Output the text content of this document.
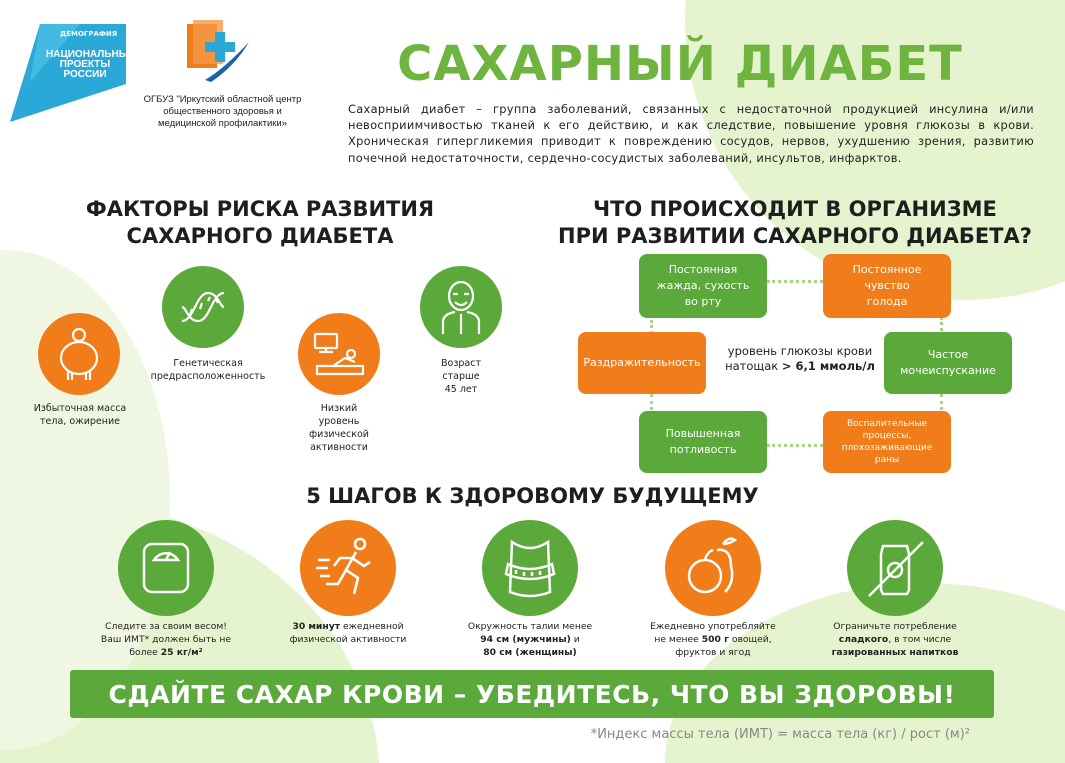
ДЕМОГРАФИЯ
НАЦИОНАЛЬНЫЕ
ПРОЕКТЫ
РОССИИ
ОГБУЗ "Иркутский областной центр
общественного здоровья и
медицинской профилактики»
САХАРНЫЙ ДИАБЕТ
Сахарный диабет – группа заболеваний, связанных с недостаточной продукцией инсулина и/или невосприимчивостью тканей к его действию, и как следствие, повышение уровня глюкозы в крови. Хроническая гипергликемия приводит к повреждению сосудов, нервов, ухудшению зрения, развитию почечной недостаточности, сердечно-сосудистых заболеваний, инсультов, инфарктов.
ФАКТОРЫ РИСКА РАЗВИТИЯ
САХАРНОГО ДИАБЕТА
Избыточная масса
тела, ожирение
Генетическая
предрасположенность
Низкий
уровень
физической
активности
Возраст
старше
45 лет
ЧТО ПРОИСХОДИТ В ОРГАНИЗМЕ
ПРИ РАЗВИТИИ САХАРНОГО ДИАБЕТА?
Постоянная
жажда, сухость
во рту
Постоянное
чувство
голода
Раздражительность
уровень глюкозы крови
натощак > 6,1 ммоль/л
Частое
мочеиспускание
Повышенная
потливость
Воспалительные
процессы,
плохозаживающие
раны
5 ШАГОВ К ЗДОРОВОМУ БУДУЩЕМУ
Следите за своим весом!
Ваш ИМТ* должен быть не
более 25 кг/м²
30 минут ежедневной
физической активности
Окружность талии менее
94 см (мужчины) и
80 см (женщины)
Ежедневно употребляйте
не менее 500 г овощей,
фруктов и ягод
Ограничьте потребление
сладкого, в том числе
газированных напитков
СДАЙТЕ САХАР КРОВИ – УБЕДИТЕСЬ, ЧТО ВЫ ЗДОРОВЫ!
*Индекс массы тела (ИМТ) = масса тела (кг) / рост (м)²
